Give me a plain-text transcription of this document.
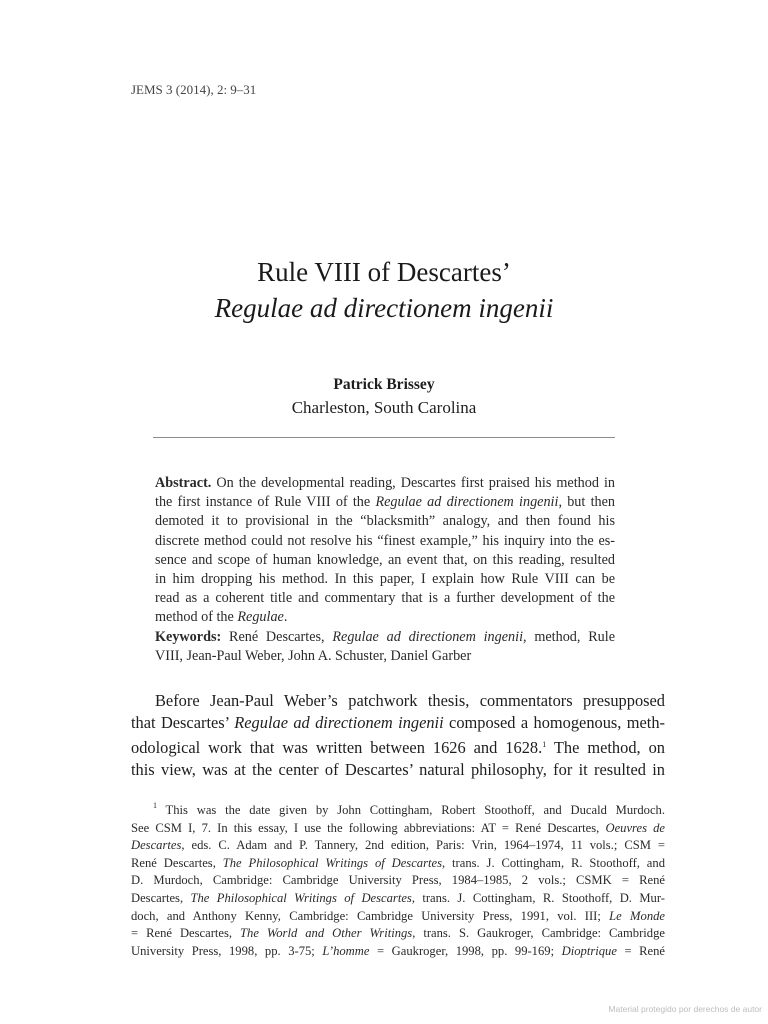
JEMS 3 (2014), 2: 9–31
Rule VIII of Descartes’
Regulae ad directionem ingenii
Patrick Brissey
Charleston, South Carolina
Abstract. On the developmental reading, Descartes first praised his method in
the first instance of Rule VIII of the Regulae ad directionem ingenii, but then
demoted it to provisional in the “blacksmith” analogy, and then found his
discrete method could not resolve his “finest example,” his inquiry into the es-
sence and scope of human knowledge, an event that, on this reading, resulted
in him dropping his method. In this paper, I explain how Rule VIII can be
read as a coherent title and commentary that is a further development of the
method of the Regulae.
Keywords: René Descartes, Regulae ad directionem ingenii, method, Rule
VIII, Jean-Paul Weber, John A. Schuster, Daniel Garber
Before Jean-Paul Weber’s patchwork thesis, commentators presupposed
that Descartes’ Regulae ad directionem ingenii composed a homogenous, meth-
odological work that was written between 1626 and 1628.$^1$ The method, on
this view, was at the center of Descartes’ natural philosophy, for it resulted in
$^1$ This was the date given by John Cottingham, Robert Stoothoff, and Ducald Murdoch.
See CSM I, 7. In this essay, I use the following abbreviations: AT = René Descartes, Oeuvres de
Descartes, eds. C. Adam and P. Tannery, 2nd edition, Paris: Vrin, 1964–1974, 11 vols.; CSM =
René Descartes, The Philosophical Writings of Descartes, trans. J. Cottingham, R. Stoothoff, and
D. Murdoch, Cambridge: Cambridge University Press, 1984–1985, 2 vols.; CSMK = René
Descartes, The Philosophical Writings of Descartes, trans. J. Cottingham, R. Stoothoff, D. Mur-
doch, and Anthony Kenny, Cambridge: Cambridge University Press, 1991, vol. III; Le Monde
= René Descartes, The World and Other Writings, trans. S. Gaukroger, Cambridge: Cambridge
University Press, 1998, pp. 3-75; L’homme = Gaukroger, 1998, pp. 99-169; Dioptrique = René
Material protegido por derechos de autor
